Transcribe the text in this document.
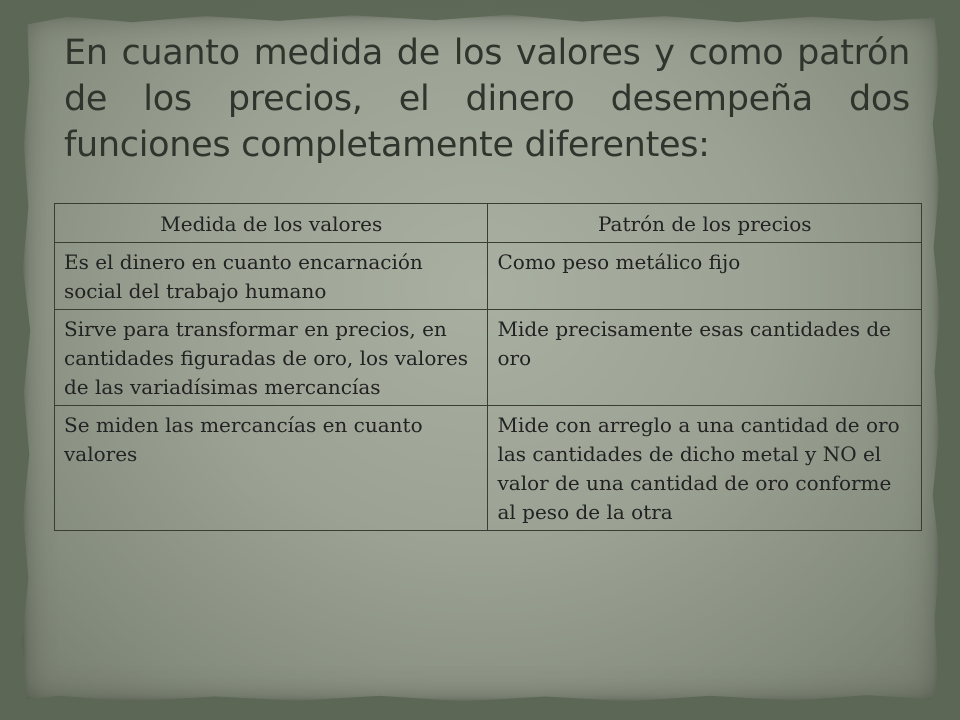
En cuanto medida de los valores y como patrón de los precios, el dinero desempeña dos funciones completamente diferentes:
Medida de los valores	Patrón de los precios
Es el dinero en cuanto encarnación social del trabajo humano	Como peso metálico fijo
Sirve para transformar en precios, en cantidades figuradas de oro, los valores de las variadísimas mercancías	Mide precisamente esas cantidades de oro
Se miden las mercancías en cuanto valores	Mide con arreglo a una cantidad de oro las cantidades de dicho metal y NO el valor de una cantidad de oro conforme al peso de la otra
